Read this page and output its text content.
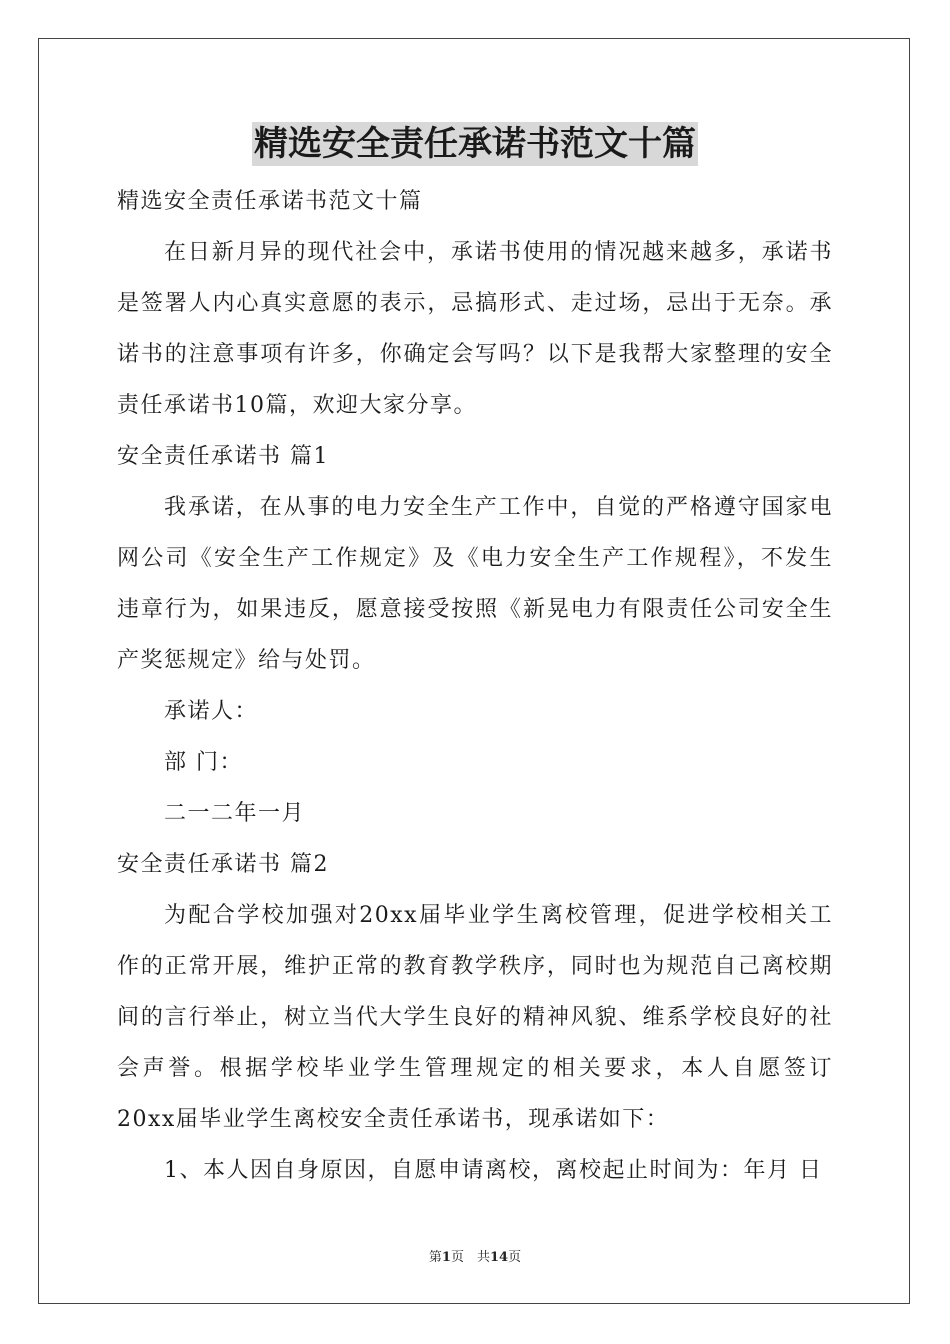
精选安全责任承诺书范文十篇

精选安全责任承诺书范文十篇

在日新月异的现代社会中，承诺书使用的情况越来越多，承诺书是签署人内心真实意愿的表示，忌搞形式、走过场，忌出于无奈。承诺书的注意事项有许多，你确定会写吗？以下是我帮大家整理的安全责任承诺书10篇，欢迎大家分享。

安全责任承诺书 篇1

我承诺，在从事的电力安全生产工作中，自觉的严格遵守国家电网公司《安全生产工作规定》及《电力安全生产工作规程》，不发生违章行为，如果违反，愿意接受按照《新晃电力有限责任公司安全生产奖惩规定》给与处罚。

承诺人：

部 门：

二一二年一月

安全责任承诺书 篇2

为配合学校加强对20xx届毕业学生离校管理，促进学校相关工作的正常开展，维护正常的教育教学秩序，同时也为规范自己离校期间的言行举止，树立当代大学生良好的精神风貌、维系学校良好的社会声誉。根据学校毕业学生管理规定的相关要求，本人自愿签订20xx届毕业学生离校安全责任承诺书，现承诺如下：

1、本人因自身原因，自愿申请离校，离校起止时间为：年月 日

第1页　共14页
